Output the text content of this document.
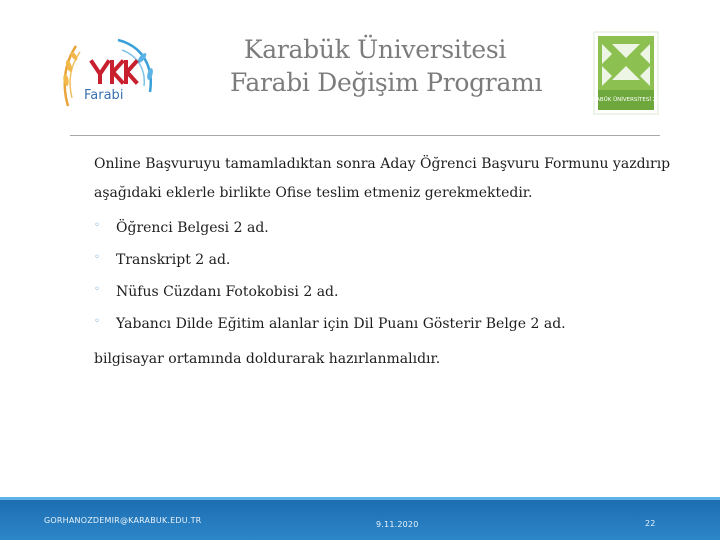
Farabi
Karabük Üniversitesi
Farabi Değişim Programı
KARABÜK ÜNİVERSİTESİ 2007

Online Başvuruyu tamamladıktan sonra Aday Öğrenci Başvuru Formunu yazdırıp aşağıdaki eklerle birlikte Ofise teslim etmeniz gerekmektedir.

◦ Öğrenci Belgesi 2 ad.
◦ Transkript 2 ad.
◦ Nüfus Cüzdanı Fotokobisi 2 ad.
◦ Yabancı Dilde Eğitim alanlar için Dil Puanı Gösterir Belge 2 ad.

bilgisayar ortamında doldurarak hazırlanmalıdır.

GORHANOZDEMIR@KARABUK.EDU.TR	9.11.2020	22
